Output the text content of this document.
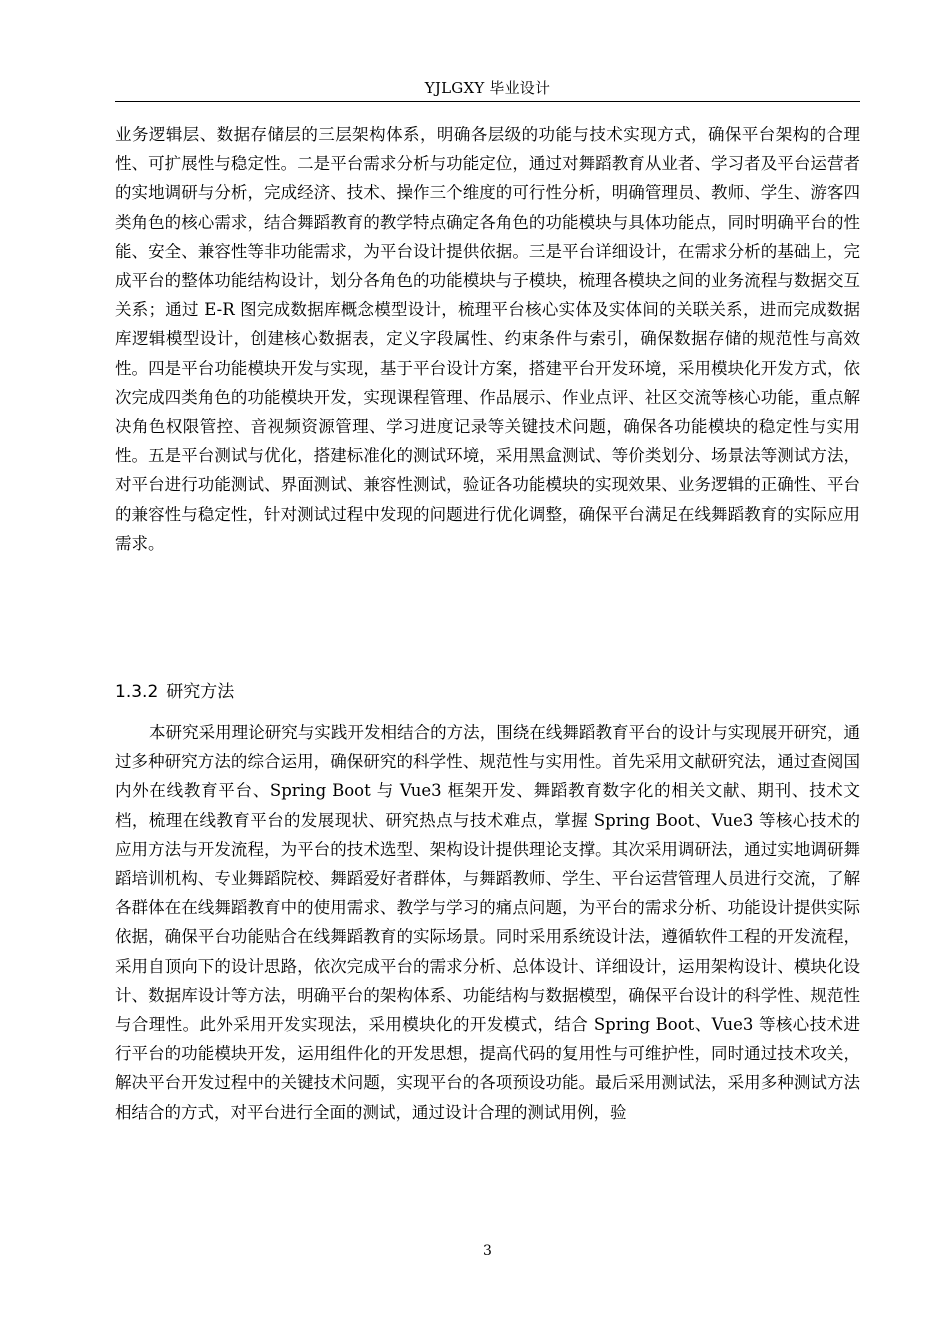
YJLGXY 毕业设计

业务逻辑层、数据存储层的三层架构体系，明确各层级的功能与技术实现方式，确保平台架构的合理性、可扩展性与稳定性。二是平台需求分析与功能定位，通过对舞蹈教育从业者、学习者及平台运营者的实地调研与分析，完成经济、技术、操作三个维度的可行性分析，明确管理员、教师、学生、游客四类角色的核心需求，结合舞蹈教育的教学特点确定各角色的功能模块与具体功能点，同时明确平台的性能、安全、兼容性等非功能需求，为平台设计提供依据。三是平台详细设计，在需求分析的基础上，完成平台的整体功能结构设计，划分各角色的功能模块与子模块，梳理各模块之间的业务流程与数据交互关系；通过 E-R 图完成数据库概念模型设计，梳理平台核心实体及实体间的关联关系，进而完成数据库逻辑模型设计，创建核心数据表，定义字段属性、约束条件与索引，确保数据存储的规范性与高效性。四是平台功能模块开发与实现，基于平台设计方案，搭建平台开发环境，采用模块化开发方式，依次完成四类角色的功能模块开发，实现课程管理、作品展示、作业点评、社区交流等核心功能，重点解决角色权限管控、音视频资源管理、学习进度记录等关键技术问题，确保各功能模块的稳定性与实用性。五是平台测试与优化，搭建标准化的测试环境，采用黑盒测试、等价类划分、场景法等测试方法，对平台进行功能测试、界面测试、兼容性测试，验证各功能模块的实现效果、业务逻辑的正确性、平台的兼容性与稳定性，针对测试过程中发现的问题进行优化调整，确保平台满足在线舞蹈教育的实际应用需求。

1.3.2 研究方法

本研究采用理论研究与实践开发相结合的方法，围绕在线舞蹈教育平台的设计与实现展开研究，通过多种研究方法的综合运用，确保研究的科学性、规范性与实用性。首先采用文献研究法，通过查阅国内外在线教育平台、Spring Boot 与 Vue3 框架开发、舞蹈教育数字化的相关文献、期刊、技术文档，梳理在线教育平台的发展现状、研究热点与技术难点，掌握 Spring Boot、Vue3 等核心技术的应用方法与开发流程，为平台的技术选型、架构设计提供理论支撑。其次采用调研法，通过实地调研舞蹈培训机构、专业舞蹈院校、舞蹈爱好者群体，与舞蹈教师、学生、平台运营管理人员进行交流，了解各群体在在线舞蹈教育中的使用需求、教学与学习的痛点问题，为平台的需求分析、功能设计提供实际依据，确保平台功能贴合在线舞蹈教育的实际场景。同时采用系统设计法，遵循软件工程的开发流程，采用自顶向下的设计思路，依次完成平台的需求分析、总体设计、详细设计，运用架构设计、模块化设计、数据库设计等方法，明确平台的架构体系、功能结构与数据模型，确保平台设计的科学性、规范性与合理性。此外采用开发实现法，采用模块化的开发模式，结合 Spring Boot、Vue3 等核心技术进行平台的功能模块开发，运用组件化的开发思想，提高代码的复用性与可维护性，同时通过技术攻关，解决平台开发过程中的关键技术问题，实现平台的各项预设功能。最后采用测试法，采用多种测试方法相结合的方式，对平台进行全面的测试，通过设计合理的测试用例，验

3
